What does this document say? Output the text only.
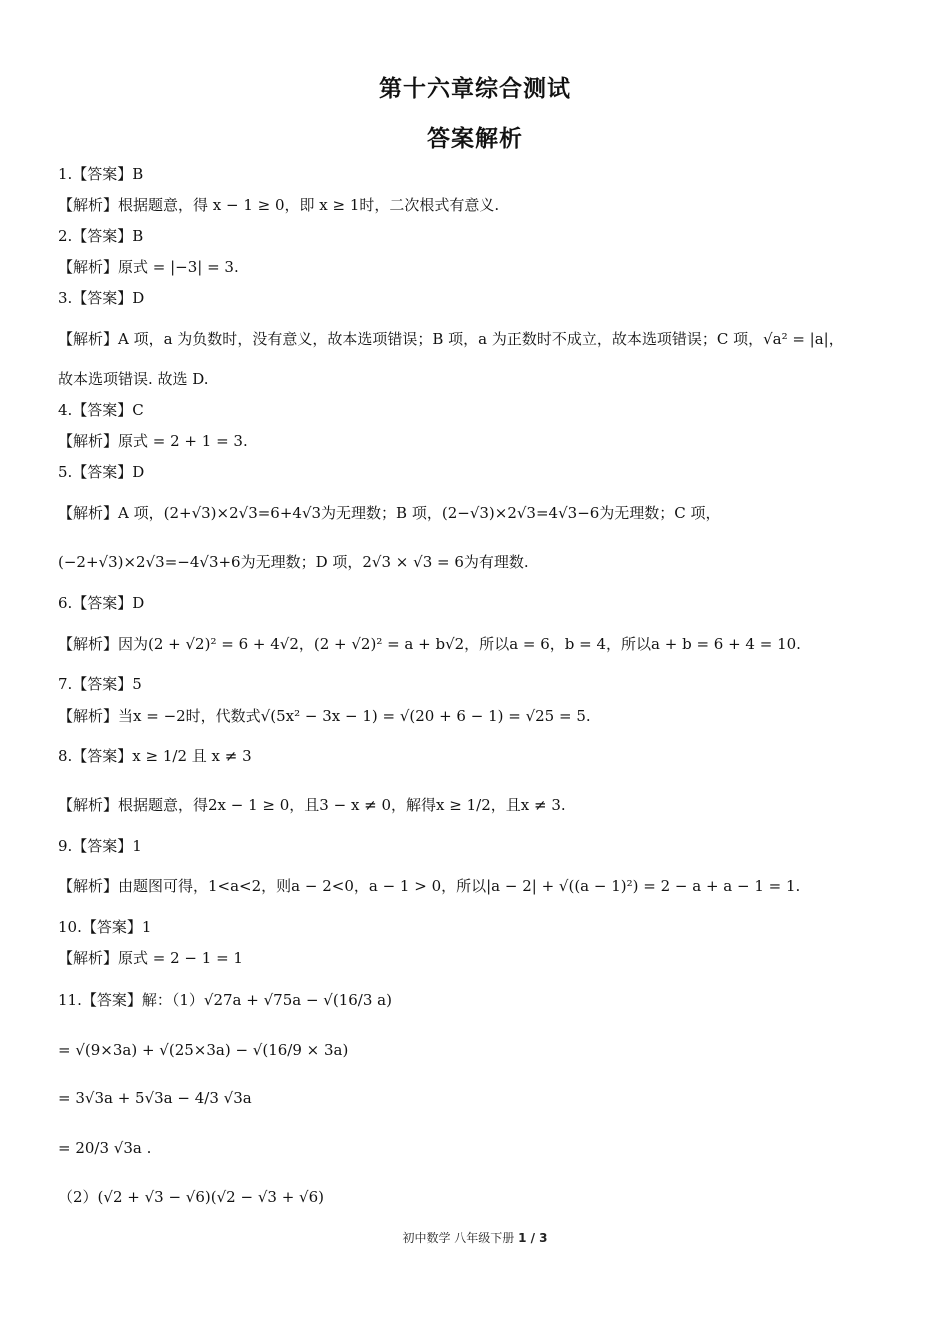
第十六章综合测试
答案解析
1.【答案】B
【解析】根据题意，得 x − 1 ≥ 0，即 x ≥ 1时，二次根式有意义.
2.【答案】B
【解析】原式 = |−3| = 3.
3.【答案】D
【解析】A 项，a 为负数时，没有意义，故本选项错误；B 项，a 为正数时不成立，故本选项错误；C 项，√a² = |a|，
故本选项错误. 故选 D.
4.【答案】C
【解析】原式 = 2 + 1 = 3.
5.【答案】D
【解析】A 项，(2+√3)×2√3=6+4√3为无理数；B 项，(2−√3)×2√3=4√3−6为无理数；C 项，
(−2+√3)×2√3=−4√3+6为无理数；D 项，2√3 × √3 = 6为有理数.
6.【答案】D
【解析】因为(2 + √2)² = 6 + 4√2，(2 + √2)² = a + b√2，所以a = 6，b = 4，所以a + b = 6 + 4 = 10.
7.【答案】5
【解析】当x = −2时，代数式√(5x² − 3x − 1) = √(20 + 6 − 1) = √25 = 5.
8.【答案】x ≥ 1/2 且 x ≠ 3
【解析】根据题意，得2x − 1 ≥ 0，且3 − x ≠ 0，解得x ≥ 1/2，且x ≠ 3.
9.【答案】1
【解析】由题图可得，1<a<2，则a − 2<0，a − 1 > 0，所以|a − 2| + √((a − 1)²) = 2 − a + a − 1 = 1.
10.【答案】1
【解析】原式 = 2 − 1 = 1
11.【答案】解：（1）√27a + √75a − √(16/3 a)
= √(9×3a) + √(25×3a) − √(16/9 × 3a)
= 3√3a + 5√3a − 4/3 √3a
= 20/3 √3a .
（2）(√2 + √3 − √6)(√2 − √3 + √6)
初中数学 八年级下册 1 / 3
